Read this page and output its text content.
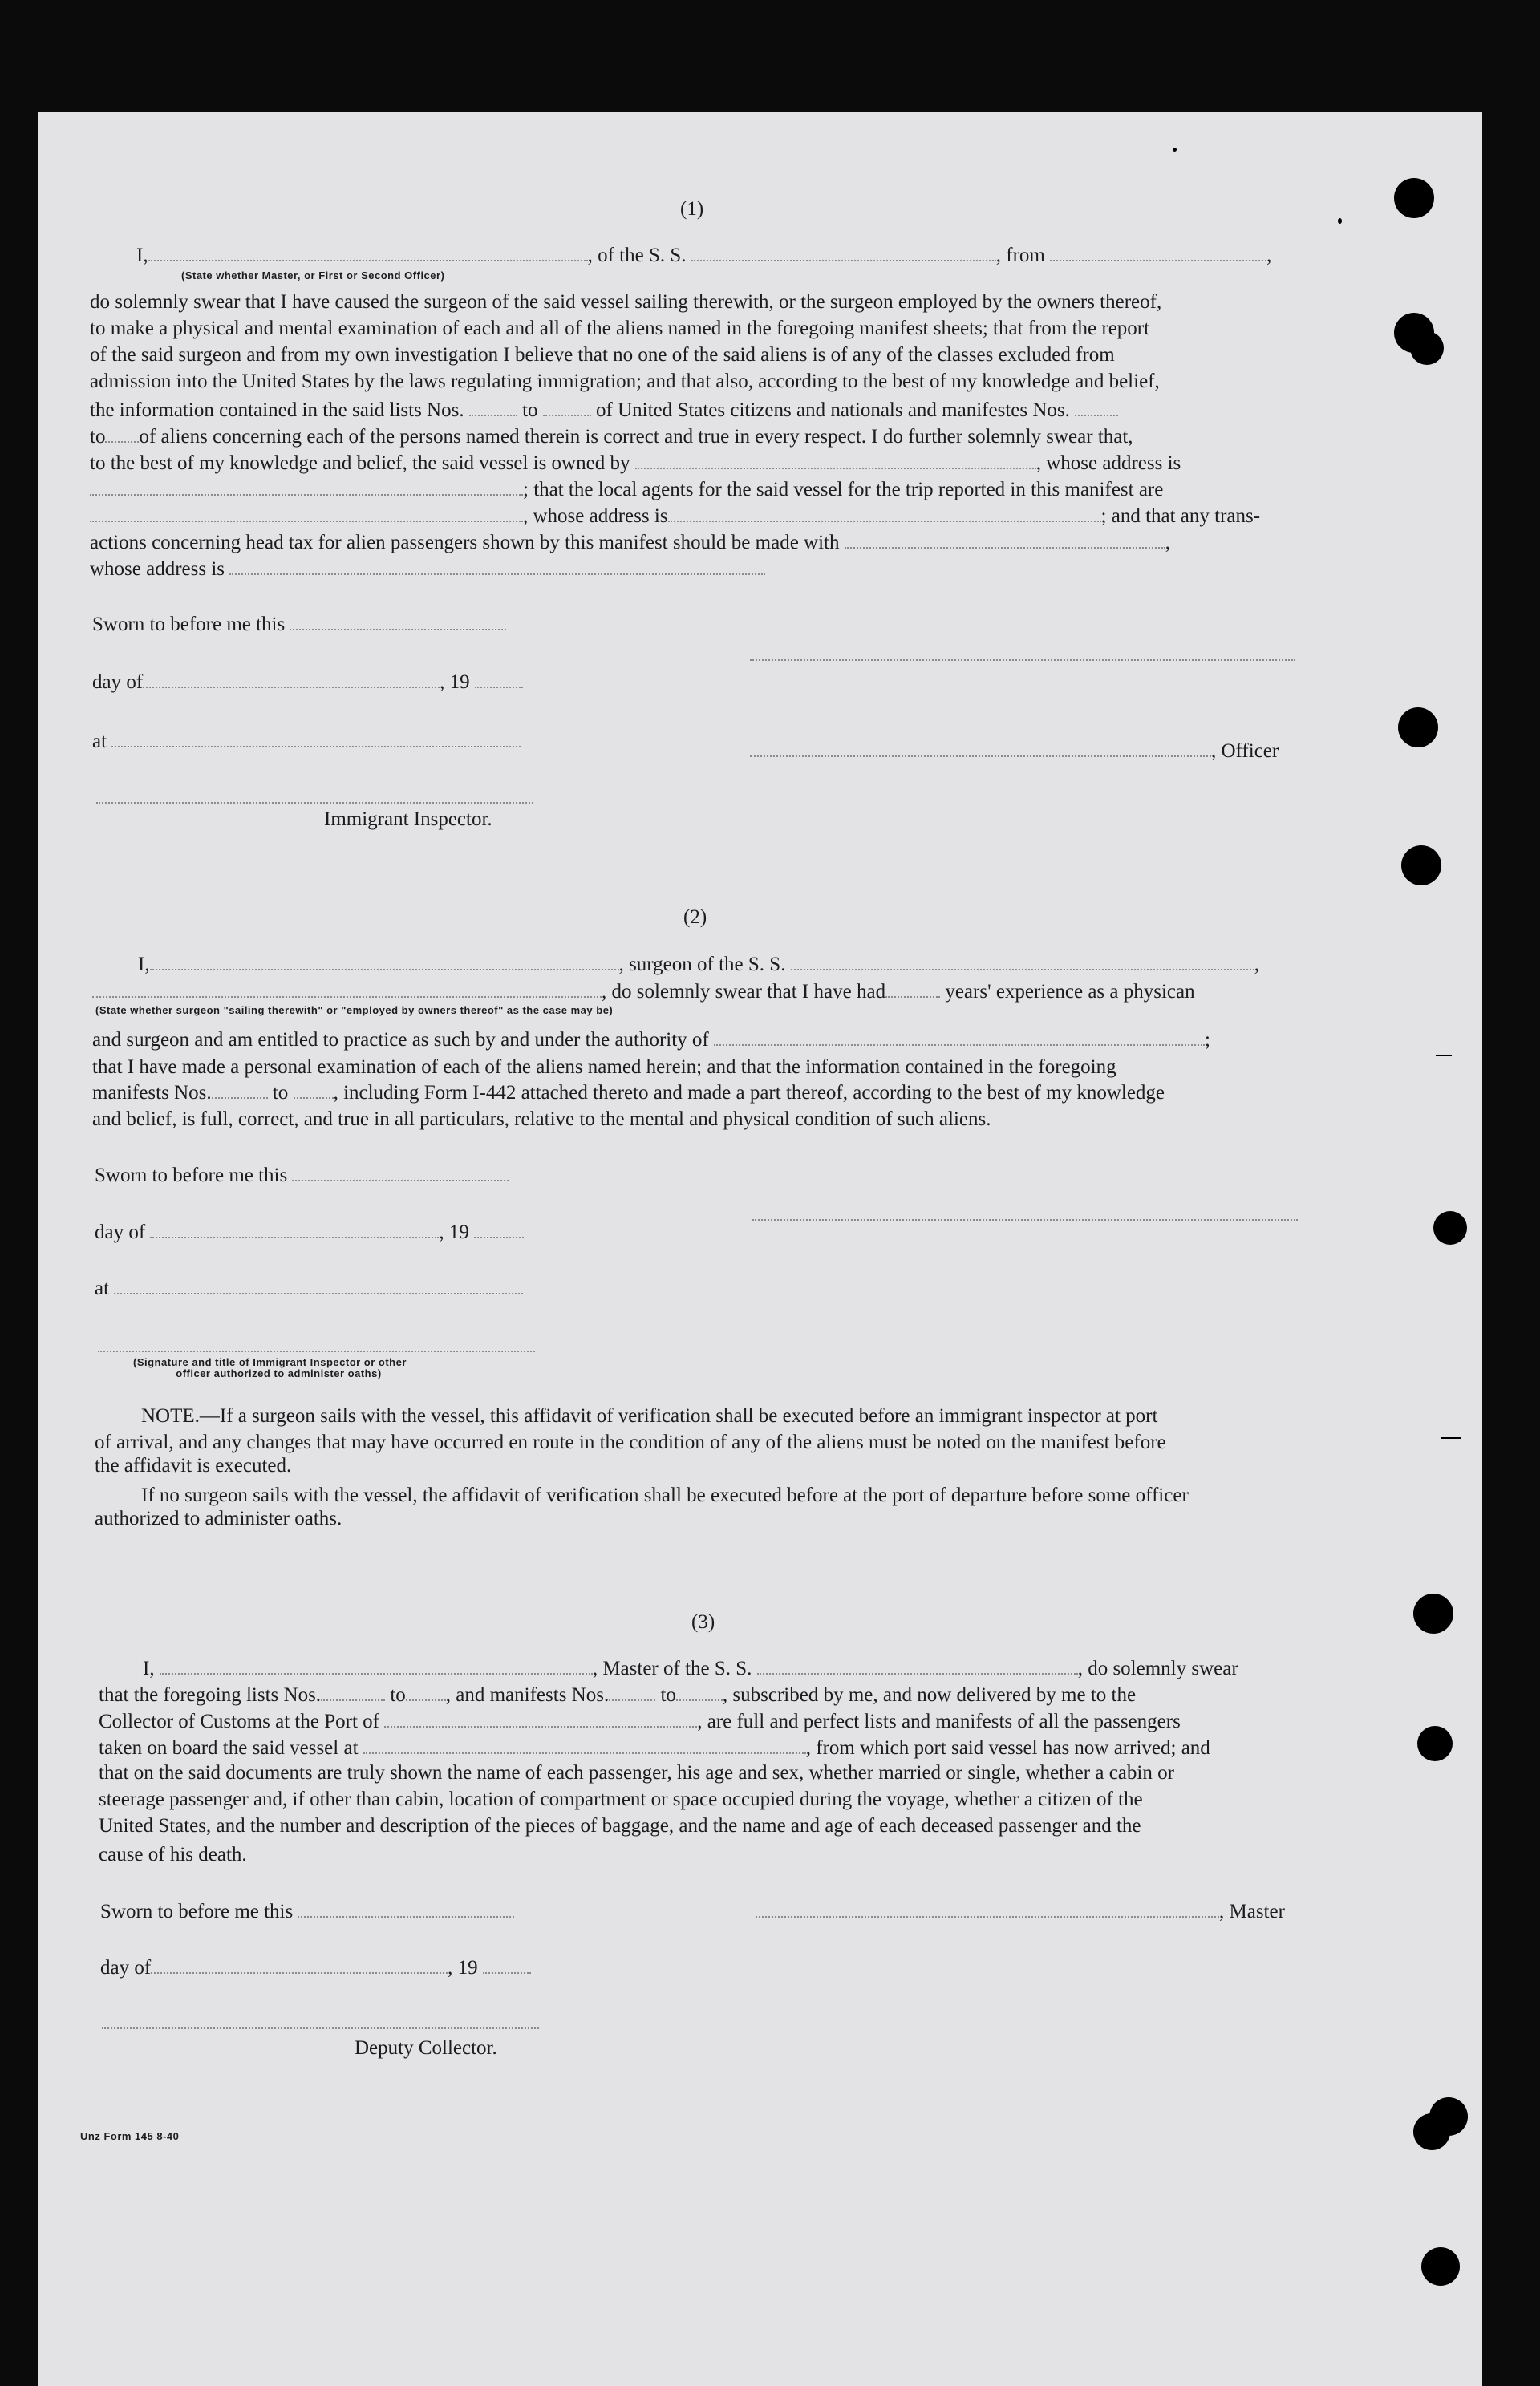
(1)
I,	, of the S. S.	, from	,
(State whether Master, or First or Second Officer)
do solemnly swear that I have caused the surgeon of the said vessel sailing therewith, or the surgeon employed by the owners thereof,
to make a physical and mental examination of each and all of the aliens named in the foregoing manifest sheets; that from the report
of the said surgeon and from my own investigation I believe that no one of the said aliens is of any of the classes excluded from
admission into the United States by the laws regulating immigration; and that also, according to the best of my knowledge and belief,
the information contained in the said lists Nos.	to	of United States citizens and nationals and manifestes Nos.
to of aliens concerning each of the persons named therein is correct and true in every respect. I do further solemnly swear that,
to the best of my knowledge and belief, the said vessel is owned by	, whose address is
; that the local agents for the said vessel for the trip reported in this manifest are
, whose address is	; and that any trans-
actions concerning head tax for alien passengers shown by this manifest should be made with	,
whose address is
Sworn to before me this
day of	, 19
at	, Officer
Immigrant Inspector.
(2)
I,	, surgeon of the S. S.	,
, do solemnly swear that I have had	years' experience as a physican
(State whether surgeon "sailing therewith" or "employed by owners thereof" as the case may be)
and surgeon and am entitled to practice as such by and under the authority of	;
that I have made a personal examination of each of the aliens named herein; and that the information contained in the foregoing
manifests Nos.	to , including Form I-442 attached thereto and made a part thereof, according to the best of my knowledge
and belief, is full, correct, and true in all particulars, relative to the mental and physical condition of such aliens.
Sworn to before me this
day of	, 19
at
(Signature and title of Immigrant Inspector or other
officer authorized to administer oaths)
NOTE.—If a surgeon sails with the vessel, this affidavit of verification shall be executed before an immigrant inspector at port
of arrival, and any changes that may have occurred en route in the condition of any of the aliens must be noted on the manifest before
the affidavit is executed.
If no surgeon sails with the vessel, the affidavit of verification shall be executed before at the port of departure before some officer
authorized to administer oaths.
(3)
I,	, Master of the S. S.	, do solemnly swear
that the foregoing lists Nos.	to , and manifests Nos.	to , subscribed by me, and now delivered by me to the
Collector of Customs at the Port of	, are full and perfect lists and manifests of all the passengers
taken on board the said vessel at	, from which port said vessel has now arrived; and
that on the said documents are truly shown the name of each passenger, his age and sex, whether married or single, whether a cabin or
steerage passenger and, if other than cabin, location of compartment or space occupied during the voyage, whether a citizen of the
United States, and the number and description of the pieces of baggage, and the name and age of each deceased passenger and the
cause of his death.
Sworn to before me this	, Master
day of	, 19
Deputy Collector.
Unz Form 145 8-40
